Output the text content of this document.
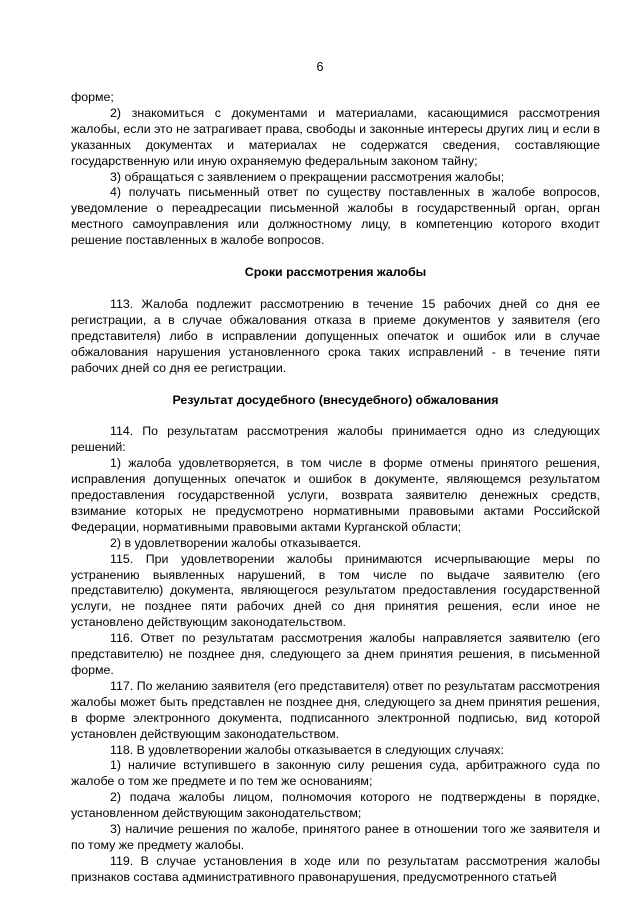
6

форме;

2) знакомиться с документами и материалами, касающимися рассмотрения жалобы, если это не затрагивает права, свободы и законные интересы других лиц и если в указанных документах и материалах не содержатся сведения, составляющие государственную или иную охраняемую федеральным законом тайну;

3) обращаться с заявлением о прекращении рассмотрения жалобы;

4) получать письменный ответ по существу поставленных в жалобе вопросов, уведомление о переадресации письменной жалобы в государственный орган, орган местного самоуправления или должностному лицу, в компетенцию которого входит решение поставленных в жалобе вопросов.

Сроки рассмотрения жалобы

113. Жалоба подлежит рассмотрению в течение 15 рабочих дней со дня ее регистрации, а в случае обжалования отказа в приеме документов у заявителя (его представителя) либо в исправлении допущенных опечаток и ошибок или в случае обжалования нарушения установленного срока таких исправлений - в течение пяти рабочих дней со дня ее регистрации.

Результат досудебного (внесудебного) обжалования

114. По результатам рассмотрения жалобы принимается одно из следующих решений:

1) жалоба удовлетворяется, в том числе в форме отмены принятого решения, исправления допущенных опечаток и ошибок в документе, являющемся результатом предоставления государственной услуги, возврата заявителю денежных средств, взимание которых не предусмотрено нормативными правовыми актами Российской Федерации, нормативными правовыми актами Курганской области;

2) в удовлетворении жалобы отказывается.

115. При удовлетворении жалобы принимаются исчерпывающие меры по устранению выявленных нарушений, в том числе по выдаче заявителю (его представителю) документа, являющегося результатом предоставления государственной услуги, не позднее пяти рабочих дней со дня принятия решения, если иное не установлено действующим законодательством.

116. Ответ по результатам рассмотрения жалобы направляется заявителю (его представителю) не позднее дня, следующего за днем принятия решения, в письменной форме.

117. По желанию заявителя (его представителя) ответ по результатам рассмотрения жалобы может быть представлен не позднее дня, следующего за днем принятия решения, в форме электронного документа, подписанного электронной подписью, вид которой установлен действующим законодательством.

118. В удовлетворении жалобы отказывается в следующих случаях:

1) наличие вступившего в законную силу решения суда, арбитражного суда по жалобе о том же предмете и по тем же основаниям;

2) подача жалобы лицом, полномочия которого не подтверждены в порядке, установленном действующим законодательством;

3) наличие решения по жалобе, принятого ранее в отношении того же заявителя и по тому же предмету жалобы.

119. В случае установления в ходе или по результатам рассмотрения жалобы признаков состава административного правонарушения, предусмотренного статьей
